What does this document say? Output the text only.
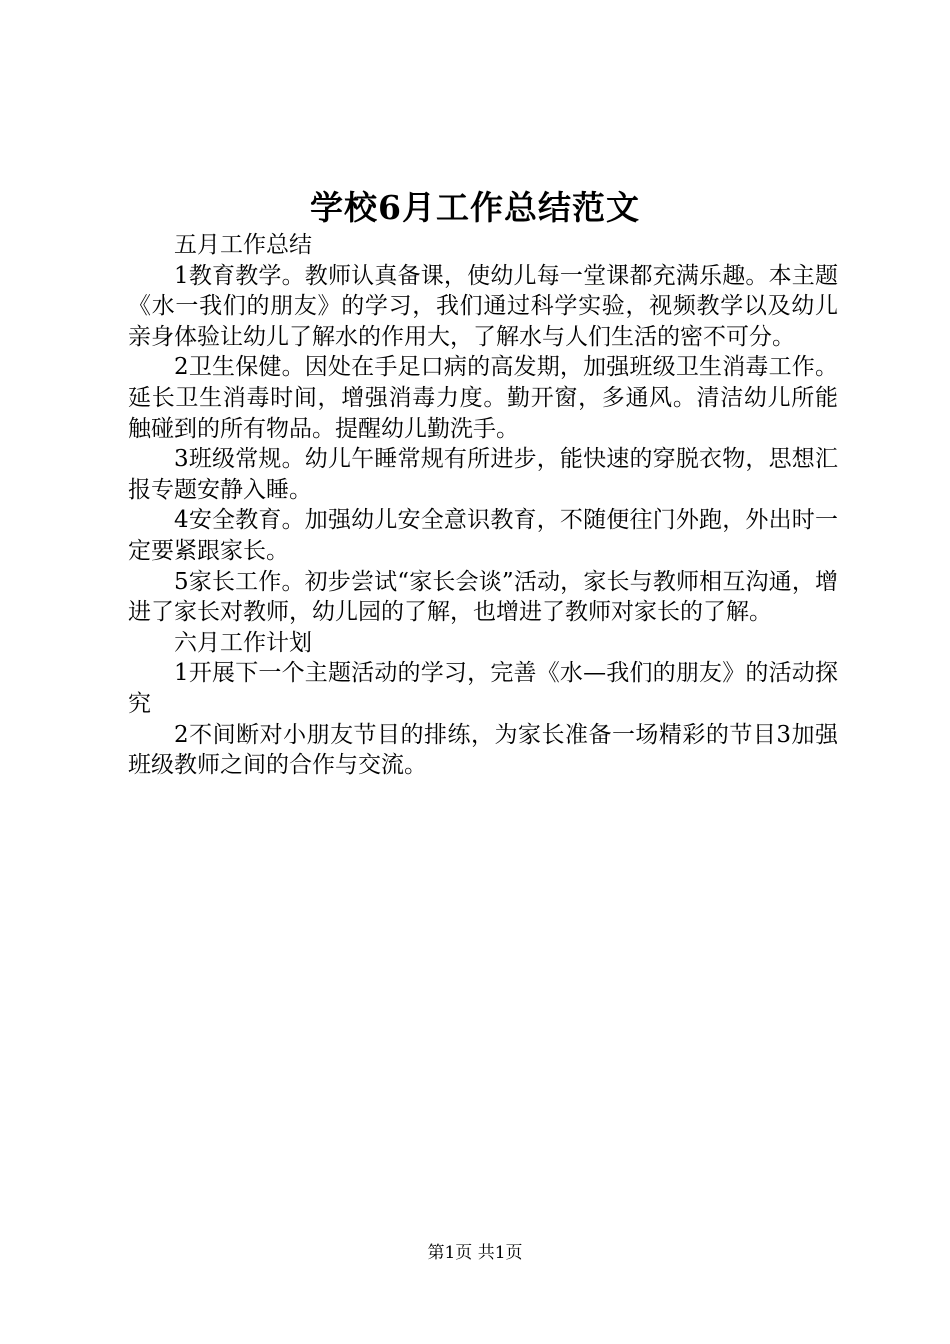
学校6月工作总结范文

五月工作总结

1教育教学。教师认真备课，使幼儿每一堂课都充满乐趣。本主题《水一我们的朋友》的学习，我们通过科学实验，视频教学以及幼儿亲身体验让幼儿了解水的作用大，了解水与人们生活的密不可分。

2卫生保健。因处在手足口病的高发期，加强班级卫生消毒工作。延长卫生消毒时间，增强消毒力度。勤开窗，多通风。清洁幼儿所能触碰到的所有物品。提醒幼儿勤洗手。

3班级常规。幼儿午睡常规有所进步，能快速的穿脱衣物，思想汇报专题安静入睡。

4安全教育。加强幼儿安全意识教育，不随便往门外跑，外出时一定要紧跟家长。

5家长工作。初步尝试“家长会谈”活动，家长与教师相互沟通，增进了家长对教师，幼儿园的了解，也增进了教师对家长的了解。

六月工作计划

1开展下一个主题活动的学习，完善《水—我们的朋友》的活动探究

2不间断对小朋友节目的排练，为家长准备一场精彩的节目3加强班级教师之间的合作与交流。

第1页 共1页
